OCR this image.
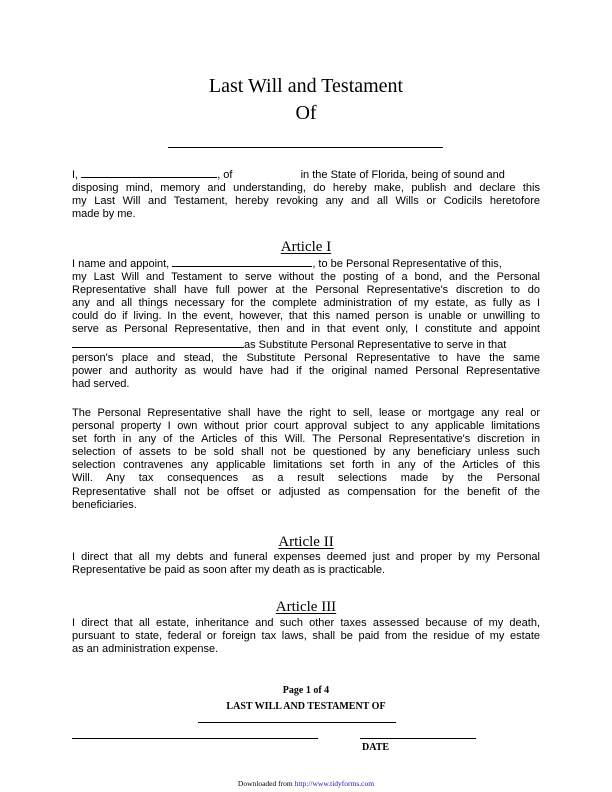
Last Will and Testament
Of
I,	, of	in the State of Florida, being of sound and
disposing mind, memory and understanding, do hereby make, publish and declare this
my Last Will and Testament, hereby revoking any and all Wills or Codicils heretofore
made by me.
Article I
I name and appoint,	, to be Personal Representative of this,
my Last Will and Testament to serve without the posting of a bond, and the Personal
Representative shall have full power at the Personal Representative's discretion to do
any and all things necessary for the complete administration of my estate, as fully as I
could do if living. In the event, however, that this named person is unable or unwilling to
serve as Personal Representative, then and in that event only, I constitute and appoint
as Substitute Personal Representative to serve in that
person's place and stead, the Substitute Personal Representative to have the same
power and authority as would have had if the original named Personal Representative
had served.
The Personal Representative shall have the right to sell, lease or mortgage any real or
personal property I own without prior court approval subject to any applicable limitations
set forth in any of the Articles of this Will. The Personal Representative's discretion in
selection of assets to be sold shall not be questioned by any beneficiary unless such
selection contravenes any applicable limitations set forth in any of the Articles of this
Will. Any tax consequences as a result selections made by the Personal
Representative shall not be offset or adjusted as compensation for the benefit of the
beneficiaries.
Article II
I direct that all my debts and funeral expenses deemed just and proper by my Personal
Representative be paid as soon after my death as is practicable.
Article III
I direct that all estate, inheritance and such other taxes assessed because of my death,
pursuant to state, federal or foreign tax laws, shall be paid from the residue of my estate
as an administration expense.
Page 1 of 4
LAST WILL AND TESTAMENT OF
DATE
Downloaded from http://www.tidyforms.com
